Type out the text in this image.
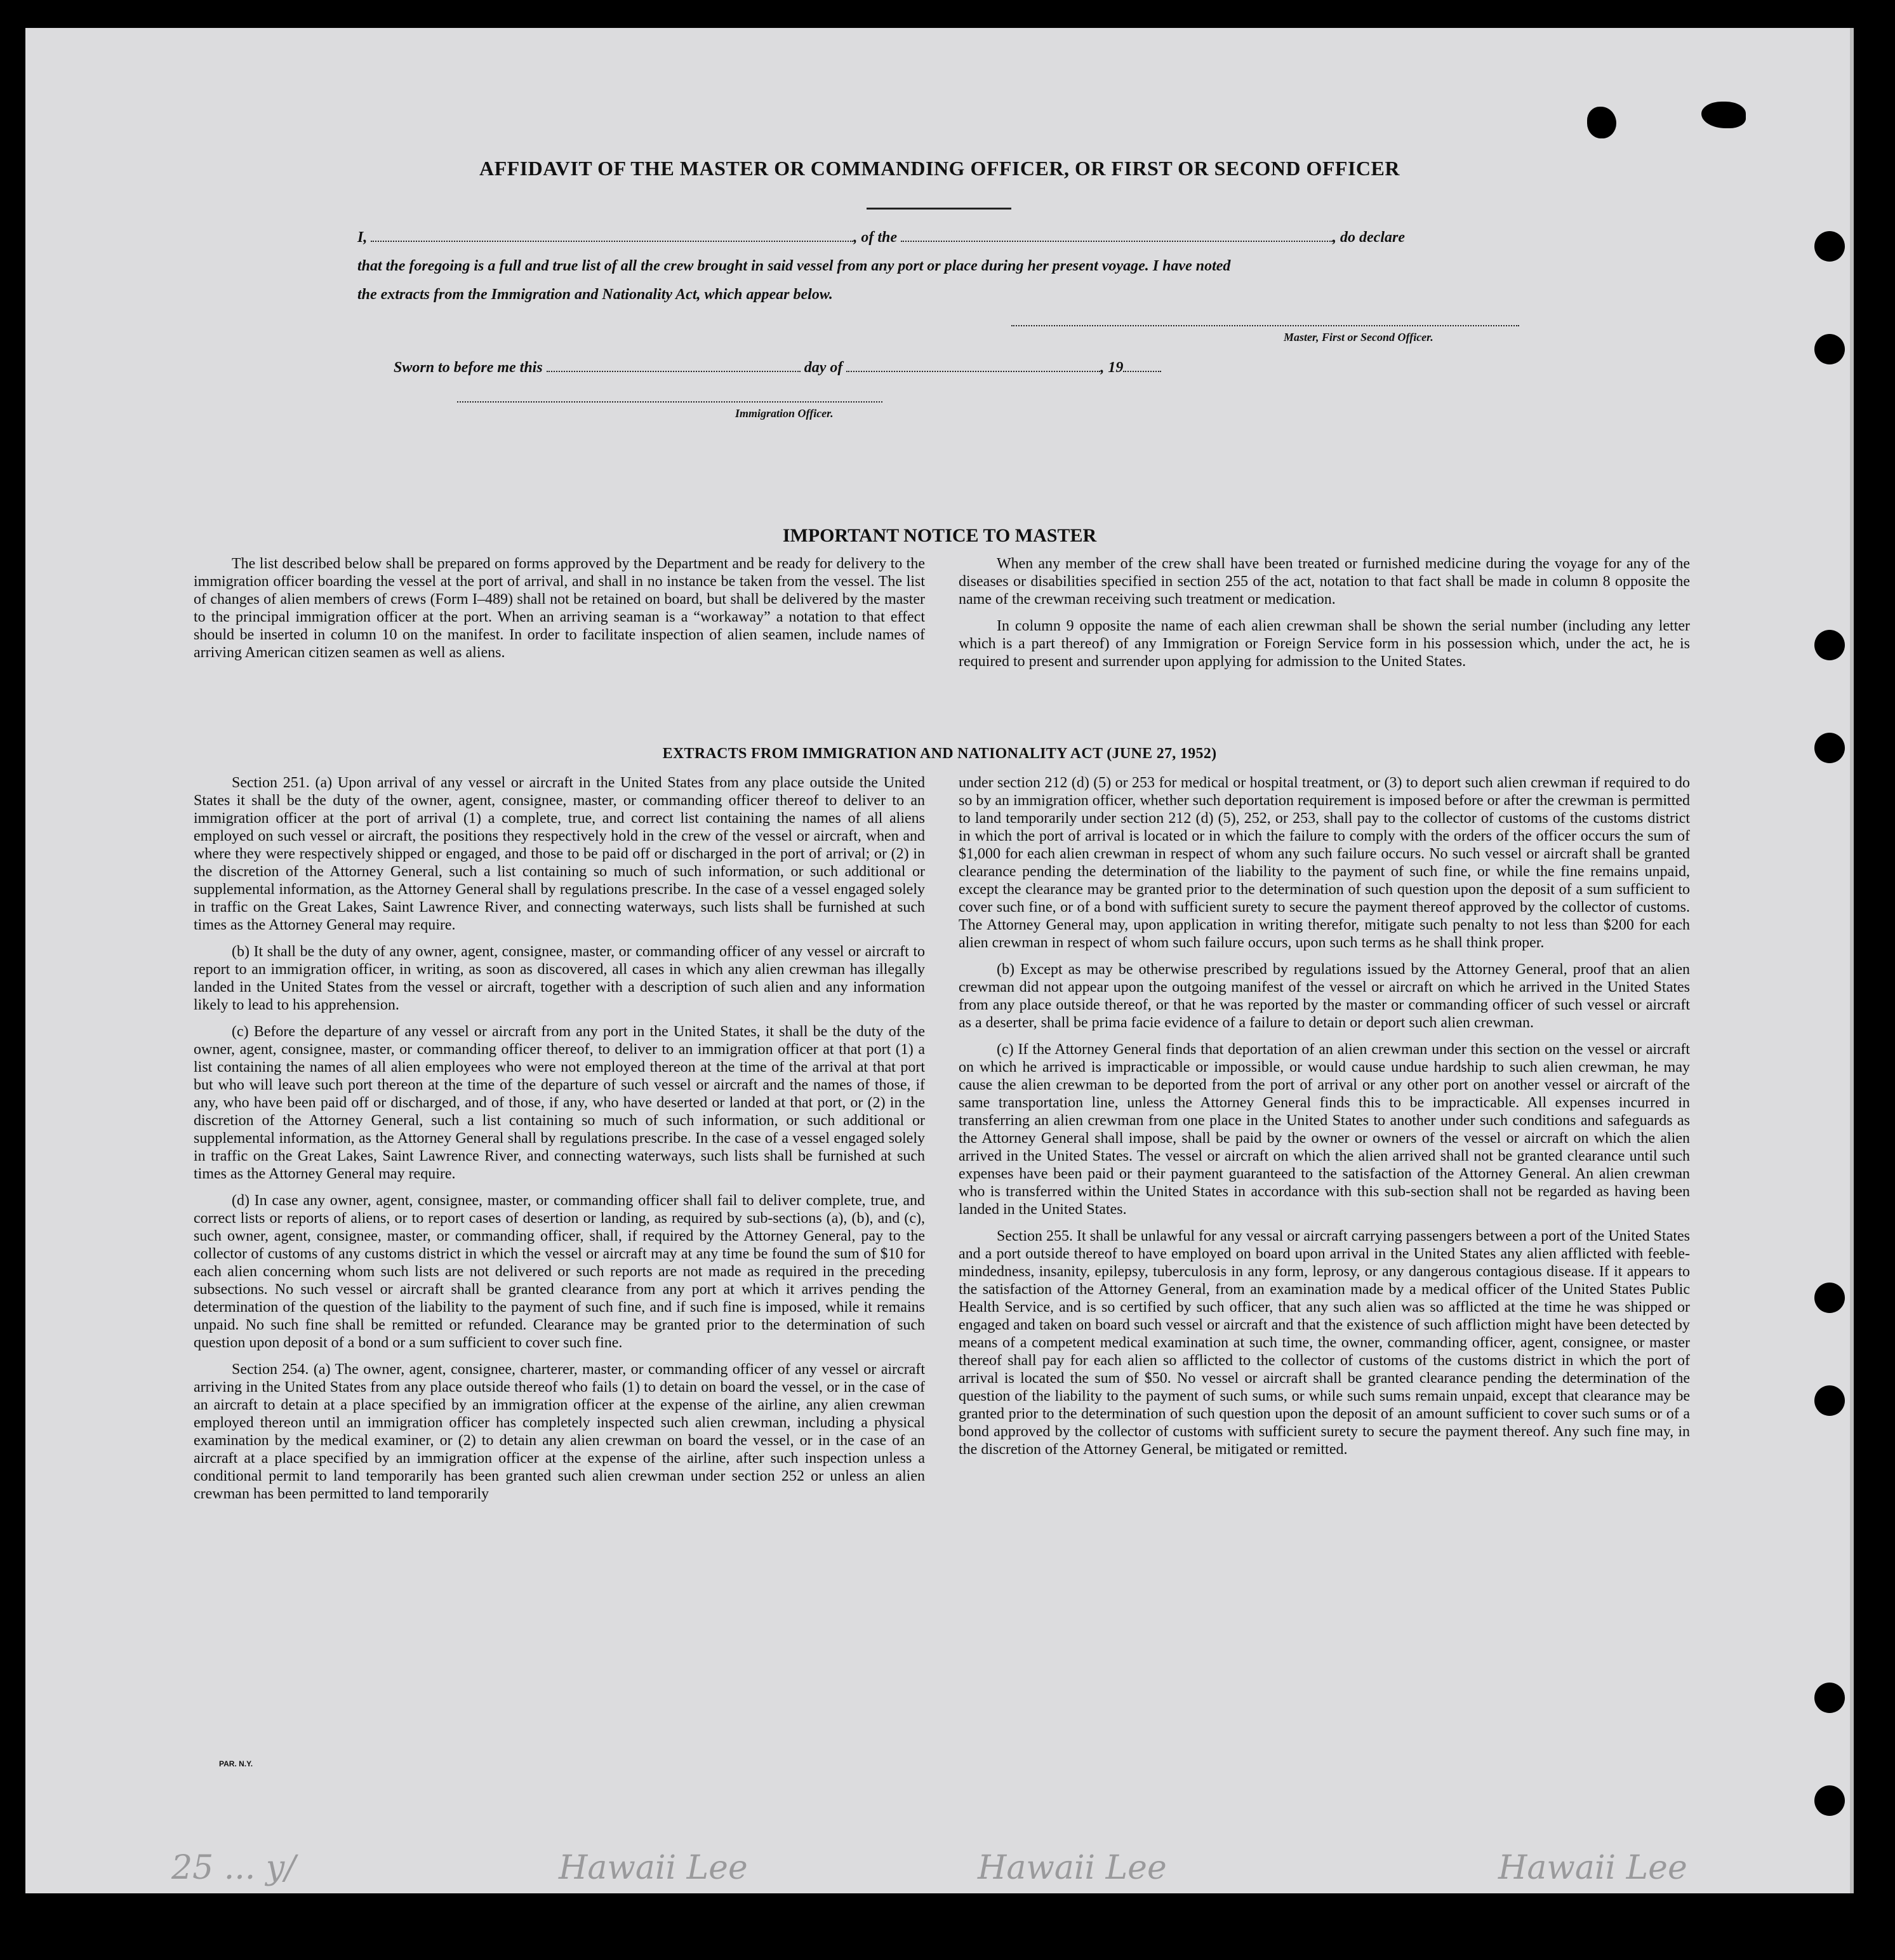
AFFIDAVIT OF THE MASTER OR COMMANDING OFFICER, OR FIRST OR SECOND OFFICER
I,	, of the	, do declare
that the foregoing is a full and true list of all the crew brought in said vessel from any port or place during her present voyage. I have noted
the extracts from the Immigration and Nationality Act, which appear below.
Master, First or Second Officer.
Sworn to before me this	day of	, 19
Immigration Officer.
IMPORTANT NOTICE TO MASTER

The list described below shall be prepared on forms approved by the Department and be ready for delivery to the immigration officer boarding the vessel at the port of arrival, and shall in no instance be taken from the vessel. The list of changes of alien members of crews (Form I–489) shall not be retained on board, but shall be delivered by the master to the principal immigration officer at the port. When an arriving seaman is a “workaway” a notation to that effect should be inserted in column 10 on the manifest. In order to facilitate inspection of alien seamen, include names of arriving American citizen seamen as well as aliens.

When any member of the crew shall have been treated or furnished medicine during the voyage for any of the diseases or disabilities specified in section 255 of the act, notation to that fact shall be made in column 8 opposite the name of the crewman receiving such treatment or medication.

In column 9 opposite the name of each alien crewman shall be shown the serial number (including any letter which is a part thereof) of any Immigration or Foreign Service form in his possession which, under the act, he is required to present and surrender upon applying for admission to the United States.

EXTRACTS FROM IMMIGRATION AND NATIONALITY ACT (JUNE 27, 1952)

Section 251. (a) Upon arrival of any vessel or aircraft in the United States from any place outside the United States it shall be the duty of the owner, agent, consignee, master, or commanding officer thereof to deliver to an immigration officer at the port of arrival (1) a complete, true, and correct list containing the names of all aliens employed on such vessel or aircraft, the positions they respectively hold in the crew of the vessel or aircraft, when and where they were respectively shipped or engaged, and those to be paid off or discharged in the port of arrival; or (2) in the discretion of the Attorney General, such a list containing so much of such information, or such additional or supplemental information, as the Attorney General shall by regulations prescribe. In the case of a vessel engaged solely in traffic on the Great Lakes, Saint Lawrence River, and connecting waterways, such lists shall be furnished at such times as the Attorney General may require.

(b) It shall be the duty of any owner, agent, consignee, master, or commanding officer of any vessel or aircraft to report to an immigration officer, in writing, as soon as discovered, all cases in which any alien crewman has illegally landed in the United States from the vessel or aircraft, together with a description of such alien and any information likely to lead to his apprehension.

(c) Before the departure of any vessel or aircraft from any port in the United States, it shall be the duty of the owner, agent, consignee, master, or commanding officer thereof, to deliver to an immigration officer at that port (1) a list containing the names of all alien employees who were not employed thereon at the time of the arrival at that port but who will leave such port thereon at the time of the departure of such vessel or aircraft and the names of those, if any, who have been paid off or discharged, and of those, if any, who have deserted or landed at that port, or (2) in the discretion of the Attorney General, such a list containing so much of such information, or such additional or supplemental information, as the Attorney General shall by regulations prescribe. In the case of a vessel engaged solely in traffic on the Great Lakes, Saint Lawrence River, and connecting waterways, such lists shall be furnished at such times as the Attorney General may require.

(d) In case any owner, agent, consignee, master, or commanding officer shall fail to deliver complete, true, and correct lists or reports of aliens, or to report cases of desertion or landing, as required by sub-sections (a), (b), and (c), such owner, agent, consignee, master, or commanding officer, shall, if required by the Attorney General, pay to the collector of customs of any customs district in which the vessel or aircraft may at any time be found the sum of $10 for each alien concerning whom such lists are not delivered or such reports are not made as required in the preceding subsections. No such vessel or aircraft shall be granted clearance from any port at which it arrives pending the determination of the question of the liability to the payment of such fine, and if such fine is imposed, while it remains unpaid. No such fine shall be remitted or refunded. Clearance may be granted prior to the determination of such question upon deposit of a bond or a sum sufficient to cover such fine.

Section 254. (a) The owner, agent, consignee, charterer, master, or commanding officer of any vessel or aircraft arriving in the United States from any place outside thereof who fails (1) to detain on board the vessel, or in the case of an aircraft to detain at a place specified by an immigration officer at the expense of the airline, any alien crewman employed thereon until an immigration officer has completely inspected such alien crewman, including a physical examination by the medical examiner, or (2) to detain any alien crewman on board the vessel, or in the case of an aircraft at a place specified by an immigration officer at the expense of the airline, after such inspection unless a conditional permit to land temporarily has been granted such alien crewman under section 252 or unless an alien crewman has been permitted to land temporarily

under section 212 (d) (5) or 253 for medical or hospital treatment, or (3) to deport such alien crewman if required to do so by an immigration officer, whether such deportation requirement is imposed before or after the crewman is permitted to land temporarily under section 212 (d) (5), 252, or 253, shall pay to the collector of customs of the customs district in which the port of arrival is located or in which the failure to comply with the orders of the officer occurs the sum of $1,000 for each alien crewman in respect of whom any such failure occurs. No such vessel or aircraft shall be granted clearance pending the determination of the liability to the payment of such fine, or while the fine remains unpaid, except the clearance may be granted prior to the determination of such question upon the deposit of a sum sufficient to cover such fine, or of a bond with sufficient surety to secure the payment thereof approved by the collector of customs. The Attorney General may, upon application in writing therefor, mitigate such penalty to not less than $200 for each alien crewman in respect of whom such failure occurs, upon such terms as he shall think proper.

(b) Except as may be otherwise prescribed by regulations issued by the Attorney General, proof that an alien crewman did not appear upon the outgoing manifest of the vessel or aircraft on which he arrived in the United States from any place outside thereof, or that he was reported by the master or commanding officer of such vessel or aircraft as a deserter, shall be prima facie evidence of a failure to detain or deport such alien crewman.

(c) If the Attorney General finds that deportation of an alien crewman under this section on the vessel or aircraft on which he arrived is impracticable or impossible, or would cause undue hardship to such alien crewman, he may cause the alien crewman to be deported from the port of arrival or any other port on another vessel or aircraft of the same transportation line, unless the Attorney General finds this to be impracticable. All expenses incurred in transferring an alien crewman from one place in the United States to another under such conditions and safeguards as the Attorney General shall impose, shall be paid by the owner or owners of the vessel or aircraft on which the alien arrived in the United States. The vessel or aircraft on which the alien arrived shall not be granted clearance until such expenses have been paid or their payment guaranteed to the satisfaction of the Attorney General. An alien crewman who is transferred within the United States in accordance with this sub-section shall not be regarded as having been landed in the United States.

Section 255. It shall be unlawful for any vessal or aircraft carrying passengers between a port of the United States and a port outside thereof to have employed on board upon arrival in the United States any alien afflicted with feeble-mindedness, insanity, epilepsy, tuberculosis in any form, leprosy, or any dangerous contagious disease. If it appears to the satisfaction of the Attorney General, from an examination made by a medical officer of the United States Public Health Service, and is so certified by such officer, that any such alien was so afflicted at the time he was shipped or engaged and taken on board such vessel or aircraft and that the existence of such affliction might have been detected by means of a competent medical examination at such time, the owner, commanding officer, agent, consignee, or master thereof shall pay for each alien so afflicted to the collector of customs of the customs district in which the port of arrival is located the sum of $50. No vessel or aircraft shall be granted clearance pending the determination of the question of the liability to the payment of such sums, or while such sums remain unpaid, except that clearance may be granted prior to the determination of such question upon the deposit of an amount sufficient to cover such sums or of a bond approved by the collector of customs with sufficient surety to secure the payment thereof. Any such fine may, in the discretion of the Attorney General, be mitigated or remitted.

PAR. N.Y.
25 ... y/	Hawaii Lee	Hawaii Lee	Hawaii Lee
